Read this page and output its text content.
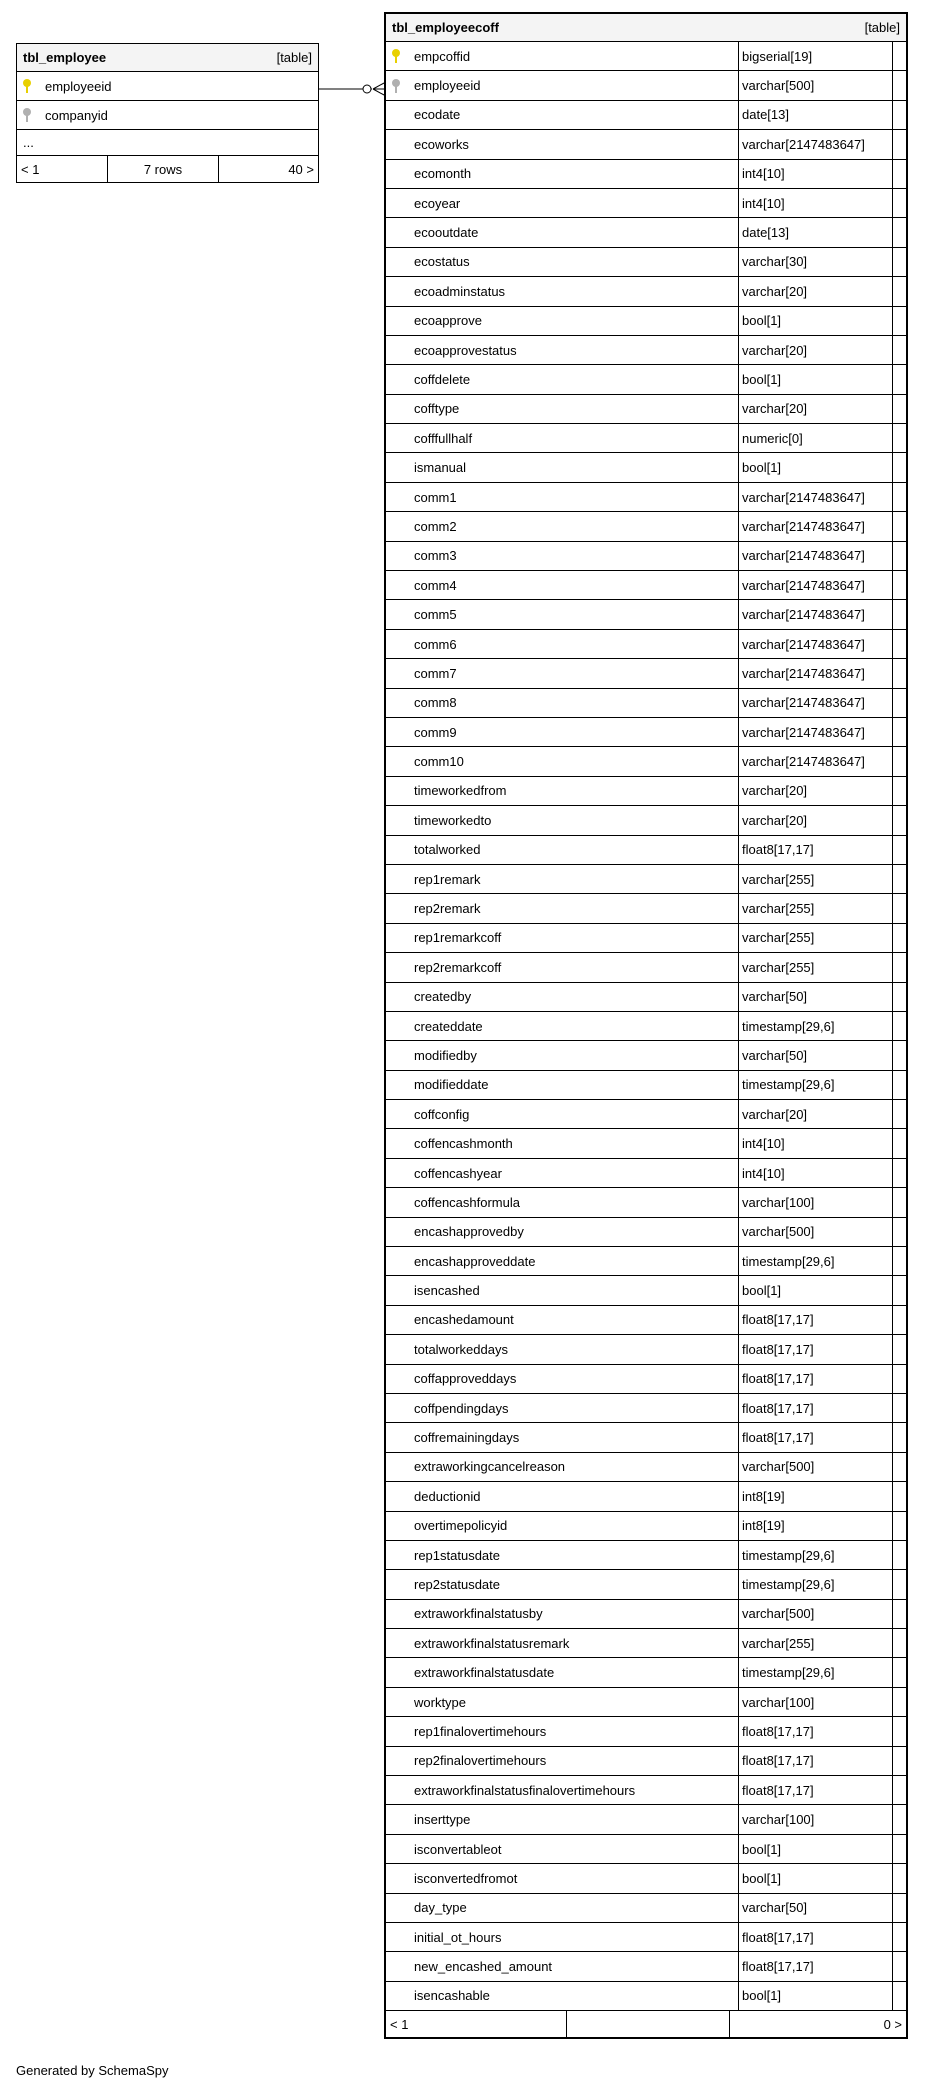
tbl_employee	[table]
employeeid
companyid
...
< 1	7 rows	40 >
tbl_employeecoff	[table]
empcoffid	bigserial[19]
employeeid	varchar[500]
ecodate	date[13]
ecoworks	varchar[2147483647]
ecomonth	int4[10]
ecoyear	int4[10]
ecooutdate	date[13]
ecostatus	varchar[30]
ecoadminstatus	varchar[20]
ecoapprove	bool[1]
ecoapprovestatus	varchar[20]
coffdelete	bool[1]
cofftype	varchar[20]
cofffullhalf	numeric[0]
ismanual	bool[1]
comm1	varchar[2147483647]
comm2	varchar[2147483647]
comm3	varchar[2147483647]
comm4	varchar[2147483647]
comm5	varchar[2147483647]
comm6	varchar[2147483647]
comm7	varchar[2147483647]
comm8	varchar[2147483647]
comm9	varchar[2147483647]
comm10	varchar[2147483647]
timeworkedfrom	varchar[20]
timeworkedto	varchar[20]
totalworked	float8[17,17]
rep1remark	varchar[255]
rep2remark	varchar[255]
rep1remarkcoff	varchar[255]
rep2remarkcoff	varchar[255]
createdby	varchar[50]
createddate	timestamp[29,6]
modifiedby	varchar[50]
modifieddate	timestamp[29,6]
coffconfig	varchar[20]
coffencashmonth	int4[10]
coffencashyear	int4[10]
coffencashformula	varchar[100]
encashapprovedby	varchar[500]
encashapproveddate	timestamp[29,6]
isencashed	bool[1]
encashedamount	float8[17,17]
totalworkeddays	float8[17,17]
coffapproveddays	float8[17,17]
coffpendingdays	float8[17,17]
coffremainingdays	float8[17,17]
extraworkingcancelreason	varchar[500]
deductionid	int8[19]
overtimepolicyid	int8[19]
rep1statusdate	timestamp[29,6]
rep2statusdate	timestamp[29,6]
extraworkfinalstatusby	varchar[500]
extraworkfinalstatusremark	varchar[255]
extraworkfinalstatusdate	timestamp[29,6]
worktype	varchar[100]
rep1finalovertimehours	float8[17,17]
rep2finalovertimehours	float8[17,17]
extraworkfinalstatusfinalovertimehours	float8[17,17]
inserttype	varchar[100]
isconvertableot	bool[1]
isconvertedfromot	bool[1]
day_type	varchar[50]
initial_ot_hours	float8[17,17]
new_encashed_amount	float8[17,17]
isencashable	bool[1]
< 1	0 >
Generated by SchemaSpy
